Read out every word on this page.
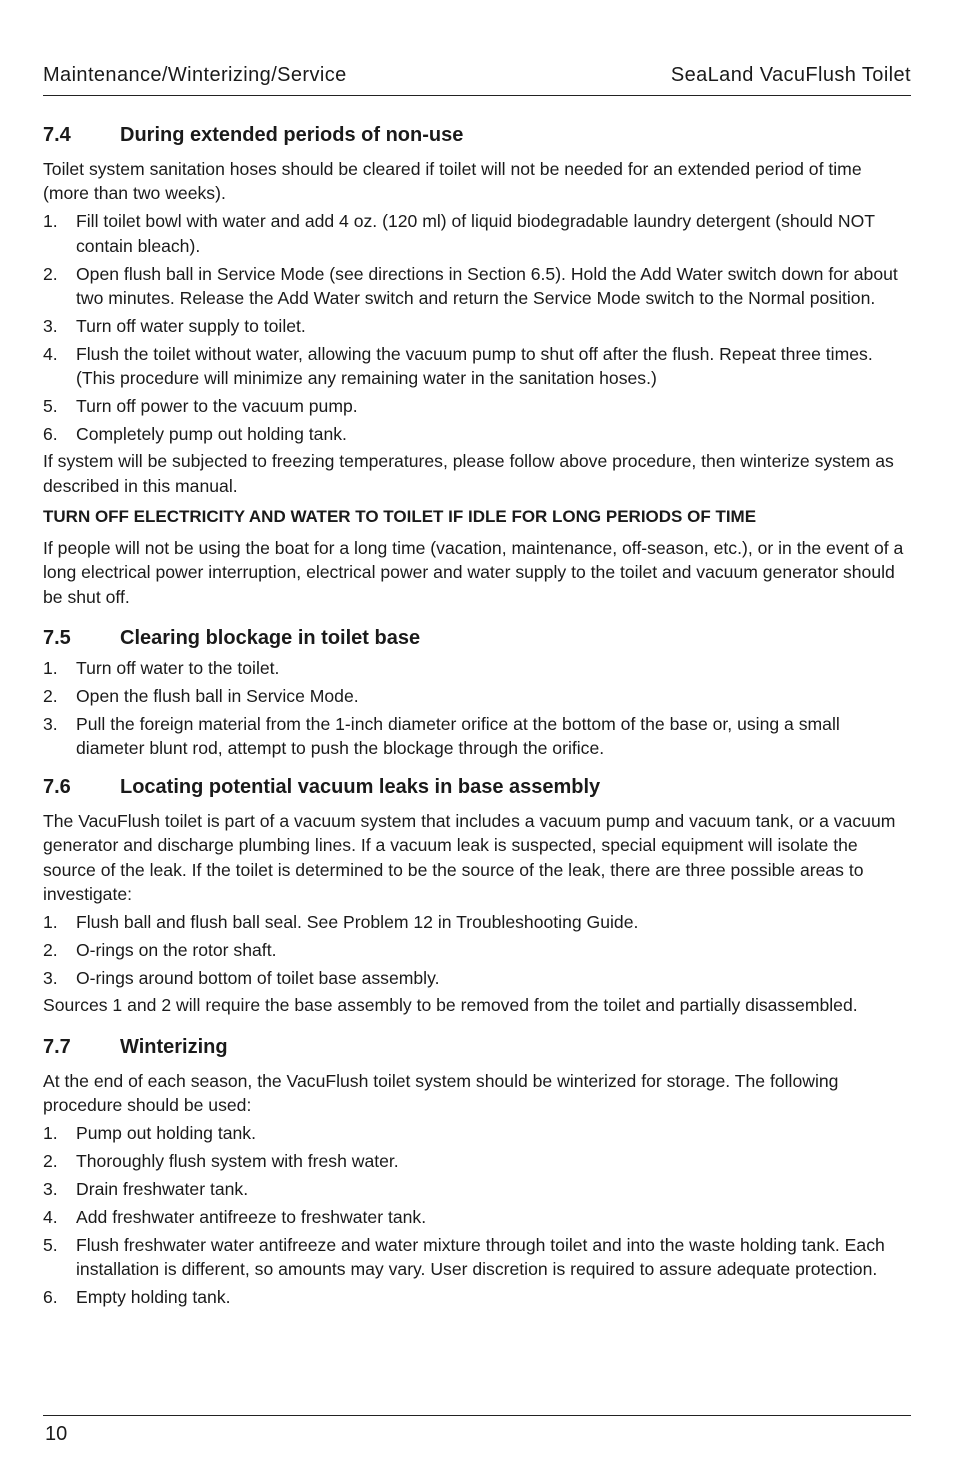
Maintenance/Winterizing/Service	SeaLand VacuFlush Toilet
7.4	During extended periods of non-use

Toilet system sanitation hoses should be cleared if toilet will not be needed for an extended period of time (more than two weeks).

1.	Fill toilet bowl with water and add 4 oz. (120 ml) of liquid biodegradable laundry detergent (should NOT contain bleach).
2.	Open flush ball in Service Mode (see directions in Section 6.5). Hold the Add Water switch down for about two minutes. Release the Add Water switch and return the Service Mode switch to the Normal position.
3.	Turn off water supply to toilet.
4.	Flush the toilet without water, allowing the vacuum pump to shut off after the flush. Repeat three times. (This procedure will minimize any remaining water in the sanitation hoses.)
5.	Turn off power to the vacuum pump.
6.	Completely pump out holding tank.

If system will be subjected to freezing temperatures, please follow above procedure, then winterize system as described in this manual.

TURN OFF ELECTRICITY AND WATER TO TOILET IF IDLE FOR LONG PERIODS OF TIME

If people will not be using the boat for a long time (vacation, maintenance, off-season, etc.), or in the event of a long electrical power interruption, electrical power and water supply to the toilet and vacuum generator should be shut off.

7.5	Clearing blockage in toilet base
1.	Turn off water to the toilet.
2.	Open the flush ball in Service Mode.
3.	Pull the foreign material from the 1-inch diameter orifice at the bottom of the base or, using a small diameter blunt rod, attempt to push the blockage through the orifice.
7.6	Locating potential vacuum leaks in base assembly

The VacuFlush toilet is part of a vacuum system that includes a vacuum pump and vacuum tank, or a vacuum generator and discharge plumbing lines. If a vacuum leak is suspected, special equipment will isolate the source of the leak. If the toilet is determined to be the source of the leak, there are three possible areas to investigate:

1.	Flush ball and flush ball seal. See Problem 12 in Troubleshooting Guide.
2.	O-rings on the rotor shaft.
3.	O-rings around bottom of toilet base assembly.

Sources 1 and 2 will require the base assembly to be removed from the toilet and partially disassembled.

7.7	Winterizing

At the end of each season, the VacuFlush toilet system should be winterized for storage. The following procedure should be used:

1.	Pump out holding tank.
2.	Thoroughly flush system with fresh water.
3.	Drain freshwater tank.
4.	Add freshwater antifreeze to freshwater tank.
5.	Flush freshwater water antifreeze and water mixture through toilet and into the waste holding tank. Each installation is different, so amounts may vary. User discretion is required to assure adequate protection.
6.	Empty holding tank.
10
